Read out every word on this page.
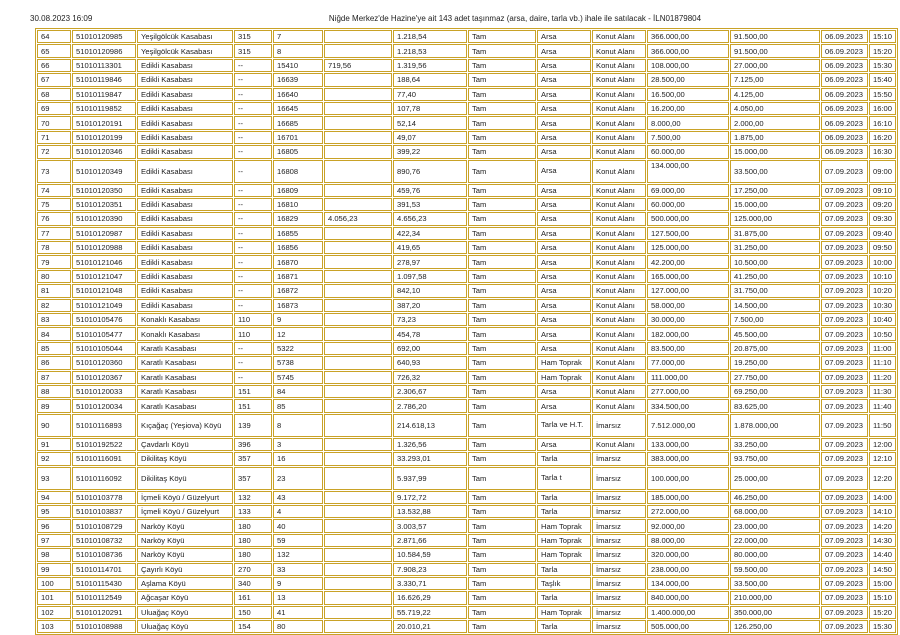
30.08.2023 16:09	Niğde Merkez'de Hazine'ye ait 143 adet taşınmaz (arsa, daire, tarla vb.) ihale ile satılacak - İLN01879804
64	51010120985	Yeşilgölcük Kasabası	315	7		1.218,54	Tam	Arsa	Konut Alanı	366.000,00	91.500,00	06.09.2023	15:10
65	51010120986	Yeşilgölcük Kasabası	315	8		1.218,53	Tam	Arsa	Konut Alanı	366.000,00	91.500,00	06.09.2023	15:20
66	51010113301	Edikli Kasabası	--	15410	719,56	1.319,56	Tam	Arsa	Konut Alanı	108.000,00	27.000,00	06.09.2023	15:30
67	51010119846	Edikli Kasabası	--	16639		188,64	Tam	Arsa	Konut Alanı	28.500,00	7.125,00	06.09.2023	15:40
68	51010119847	Edikli Kasabası	--	16640		77,40	Tam	Arsa	Konut Alanı	16.500,00	4.125,00	06.09.2023	15:50
69	51010119852	Edikli Kasabası	--	16645		107,78	Tam	Arsa	Konut Alanı	16.200,00	4.050,00	06.09.2023	16:00
70	51010120191	Edikli Kasabası	--	16685		52,14	Tam	Arsa	Konut Alanı	8.000,00	2.000,00	06.09.2023	16:10
71	51010120199	Edikli Kasabası	--	16701		49,07	Tam	Arsa	Konut Alanı	7.500,00	1.875,00	06.09.2023	16:20
72	51010120346	Edikli Kasabası	--	16805		399,22	Tam	Arsa	Konut Alanı	60.000,00	15.000,00	06.09.2023	16:30
73	51010120349	Edikli Kasabası	--	16808		890,76	Tam	Arsa	Konut Alanı	134.000,00	33.500,00	07.09.2023	09:00
74	51010120350	Edikli Kasabası	--	16809		459,76	Tam	Arsa	Konut Alanı	69.000,00	17.250,00	07.09.2023	09:10
75	51010120351	Edikli Kasabası	--	16810		391,53	Tam	Arsa	Konut Alanı	60.000,00	15.000,00	07.09.2023	09:20
76	51010120390	Edikli Kasabası	--	16829	4.056,23	4.656,23	Tam	Arsa	Konut Alanı	500.000,00	125.000,00	07.09.2023	09:30
77	51010120987	Edikli Kasabası	--	16855		422,34	Tam	Arsa	Konut Alanı	127.500,00	31.875,00	07.09.2023	09:40
78	51010120988	Edikli Kasabası	--	16856		419,65	Tam	Arsa	Konut Alanı	125.000,00	31.250,00	07.09.2023	09:50
79	51010121046	Edikli Kasabası	--	16870		278,97	Tam	Arsa	Konut Alanı	42.200,00	10.500,00	07.09.2023	10:00
80	51010121047	Edikli Kasabası	--	16871		1.097,58	Tam	Arsa	Konut Alanı	165.000,00	41.250,00	07.09.2023	10:10
81	51010121048	Edikli Kasabası	--	16872		842,10	Tam	Arsa	Konut Alanı	127.000,00	31.750,00	07.09.2023	10:20
82	51010121049	Edikli Kasabası	--	16873		387,20	Tam	Arsa	Konut Alanı	58.000,00	14.500,00	07.09.2023	10:30
83	51010105476	Konaklı Kasabası	110	9		73,23	Tam	Arsa	Konut Alanı	30.000,00	7.500,00	07.09.2023	10:40
84	51010105477	Konaklı Kasabası	110	12		454,78	Tam	Arsa	Konut Alanı	182.000,00	45.500,00	07.09.2023	10:50
85	51010105044	Karatlı Kasabası	--	5322		692,00	Tam	Arsa	Konut Alanı	83.500,00	20.875,00	07.09.2023	11:00
86	51010120360	Karatlı Kasabası	--	5738		640,93	Tam	Ham Toprak	Konut Alanı	77.000,00	19.250,00	07.09.2023	11:10
87	51010120367	Karatlı Kasabası	--	5745		726,32	Tam	Ham Toprak	Konut Alanı	111.000,00	27.750,00	07.09.2023	11:20
88	51010120033	Karatlı Kasabası	151	84		2.306,67	Tam	Arsa	Konut Alanı	277.000,00	69.250,00	07.09.2023	11:30
89	51010120034	Karatlı Kasabası	151	85		2.786,20	Tam	Arsa	Konut Alanı	334.500,00	83.625,00	07.09.2023	11:40
90	51010116893	Kıçağaç (Yeşiova) Köyü	139	8		214.618,13	Tam	Tarla ve H.T.	İmarsız	7.512.000,00	1.878.000,00	07.09.2023	11:50
91	51010192522	Çavdarlı Köyü	396	3		1.326,56	Tam	Arsa	Konut Alanı	133.000,00	33.250,00	07.09.2023	12:00
92	51010116091	Dikilitaş Köyü	357	16		33.293,01	Tam	Tarla	İmarsız	383.000,00	93.750,00	07.09.2023	12:10
93	51010116092	Dikilitaş Köyü	357	23		5.937,99	Tam	Tarla t	İmarsız	100.000,00	25.000,00	07.09.2023	12:20
94	51010103778	İçmeli Köyü / Güzelyurt	132	43		9.172,72	Tam	Tarla	İmarsız	185.000,00	46.250,00	07.09.2023	14:00
95	51010103837	İçmeli Köyü / Güzelyurt	133	4		13.532,88	Tam	Tarla	İmarsız	272.000,00	68.000,00	07.09.2023	14:10
96	51010108729	Narköy Köyü	180	40		3.003,57	Tam	Ham Toprak	İmarsız	92.000,00	23.000,00	07.09.2023	14:20
97	51010108732	Narköy Köyü	180	59		2.871,66	Tam	Ham Toprak	İmarsız	88.000,00	22.000,00	07.09.2023	14:30
98	51010108736	Narköy Köyü	180	132		10.584,59	Tam	Ham Toprak	İmarsız	320.000,00	80.000,00	07.09.2023	14:40
99	51010114701	Çayırlı Köyü	270	33		7.908,23	Tam	Tarla	İmarsız	238.000,00	59.500,00	07.09.2023	14:50
100	51010115430	Aşlama Köyü	340	9		3.330,71	Tam	Taşlık	İmarsız	134.000,00	33.500,00	07.09.2023	15:00
101	51010112549	Ağcaşar Köyü	161	13		16.626,29	Tam	Tarla	İmarsız	840.000,00	210.000,00	07.09.2023	15:10
102	51010120291	Uluağaç Köyü	150	41		55.719,22	Tam	Ham Toprak	İmarsız	1.400.000,00	350.000,00	07.09.2023	15:20
103	51010108988	Uluağaç Köyü	154	80		20.010,21	Tam	Tarla	İmarsız	505.000,00	126.250,00	07.09.2023	15:30
